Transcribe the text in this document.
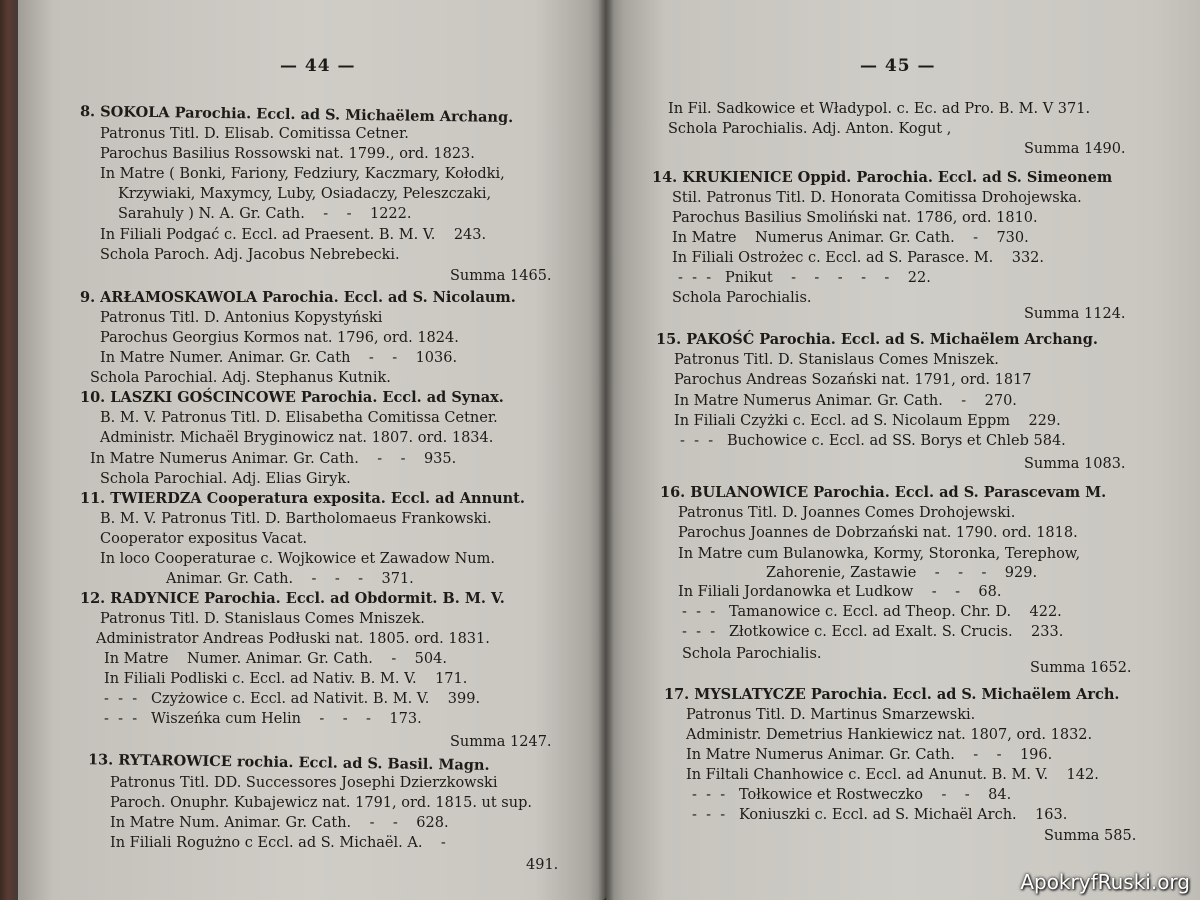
— 44 —
8. SOKOLA Parochia. Eccl. ad S. Michaëlem Archang.
Patronus Titl. D. Elisab. Comitissa Cetner.
Parochus Basilius Rossowski nat. 1799., ord. 1823.
In Matre ( Bonki, Fariony, Fedziury, Kaczmary, Kołodki,
Krzywiaki, Maxymcy, Luby, Osiadaczy, Peleszczaki,
Sarahuly ) N. A. Gr. Cath.    -    -    1222.
In Filiali Podgać c. Eccl. ad Praesent. B. M. V.    243.
Schola Paroch. Adj. Jacobus Nebrebecki.
Summa 1465.
9. ARŁAMOSKAWOLA Parochia. Eccl. ad S. Nicolaum.
Patronus Titl. D. Antonius Kopystyński
Parochus Georgius Kormos nat. 1796, ord. 1824.
In Matre Numer. Animar. Gr. Cath    -    -    1036.
Schola Parochial. Adj. Stephanus Kutnik.
10. LASZKI GOŚCINCOWE Parochia. Eccl. ad Synax.
B. M. V. Patronus Titl. D. Elisabetha Comitissa Cetner.
Administr. Michaël Bryginowicz nat. 1807. ord. 1834.
In Matre Numerus Animar. Gr. Cath.    -    -    935.
Schola Parochial. Adj. Elias Giryk.
11. TWIERDZA Cooperatura exposita. Eccl. ad Annunt.
B. M. V. Patronus Titl. D. Bartholomaeus Frankowski.
Cooperator expositus Vacat.
In loco Cooperaturae c. Wojkowice et Zawadow Num.
Animar. Gr. Cath.    -    -    -    371.
12. RADYNICE Parochia. Eccl. ad Obdormit. B. M. V.
Patronus Titl. D. Stanislaus Comes Mniszek.
Administrator Andreas Podłuski nat. 1805. ord. 1831.
In Matre    Numer. Animar. Gr. Cath.    -    504.
In Filiali Podliski c. Eccl. ad Nativ. B. M. V.    171.
-  -  -   Czyżowice c. Eccl. ad Nativit. B. M. V.    399.
-  -  -   Wiszeńka cum Helin    -    -    -    173.
Summa 1247.
13. RYTAROWICE rochia. Eccl. ad S. Basil. Magn.
Patronus Titl. DD. Successores Josephi Dzierzkowski
Paroch. Onuphr. Kubajewicz nat. 1791, ord. 1815. ut sup.
In Matre Num. Animar. Gr. Cath.    -    -    628.
In Filiali Rogużno c Eccl. ad S. Michaël. A.    -
491.
— 45 —
In Fil. Sadkowice et Władypol. c. Ec. ad Pro. B. M. V 371.
Schola Parochialis. Adj. Anton. Kogut ,
Summa 1490.
14. KRUKIENICE Oppid. Parochia. Eccl. ad S. Simeonem
Stil. Patronus Titl. D. Honorata Comitissa Drohojewska.
Parochus Basilius Smoliński nat. 1786, ord. 1810.
In Matre    Numerus Animar. Gr. Cath.    -    730.
In Filiali Ostrożec c. Eccl. ad S. Parasce. M.    332.
-  -  -   Pnikut    -    -    -    -    -    22.
Schola Parochialis.
Summa 1124.
15. PAKOŚĆ Parochia. Eccl. ad S. Michaëlem Archang.
Patronus Titl. D. Stanislaus Comes Mniszek.
Parochus Andreas Sozański nat. 1791, ord. 1817
In Matre Numerus Animar. Gr. Cath.    -    270.
In Filiali Czyżki c. Eccl. ad S. Nicolaum Eppm    229.
-  -  -   Buchowice c. Eccl. ad SS. Borys et Chleb 584.
Summa 1083.
16. BULANOWICE Parochia. Eccl. ad S. Parascevam M.
Patronus Titl. D. Joannes Comes Drohojewski.
Parochus Joannes de Dobrzański nat. 1790. ord. 1818.
In Matre cum Bulanowka, Kormy, Storonka, Terephow,
Zahorenie, Zastawie    -    -    -    929.
In Filiali Jordanowka et Ludkow    -    -    68.
-  -  -   Tamanowice c. Eccl. ad Theop. Chr. D.    422.
-  -  -   Złotkowice c. Eccl. ad Exalt. S. Crucis.    233.
Schola Parochialis.
Summa 1652.
17. MYSLATYCZE Parochia. Eccl. ad S. Michaëlem Arch.
Patronus Titl. D. Martinus Smarzewski.
Administr. Demetrius Hankiewicz nat. 1807, ord. 1832.
In Matre Numerus Animar. Gr. Cath.    -    -    196.
In Filtali Chanhowice c. Eccl. ad Anunut. B. M. V.    142.
-  -  -   Tołkowice et Rostweczko    -    -    84.
-  -  -   Koniuszki c. Eccl. ad S. Michaël Arch.    163.
Summa 585.
ApokryfRuski.org
